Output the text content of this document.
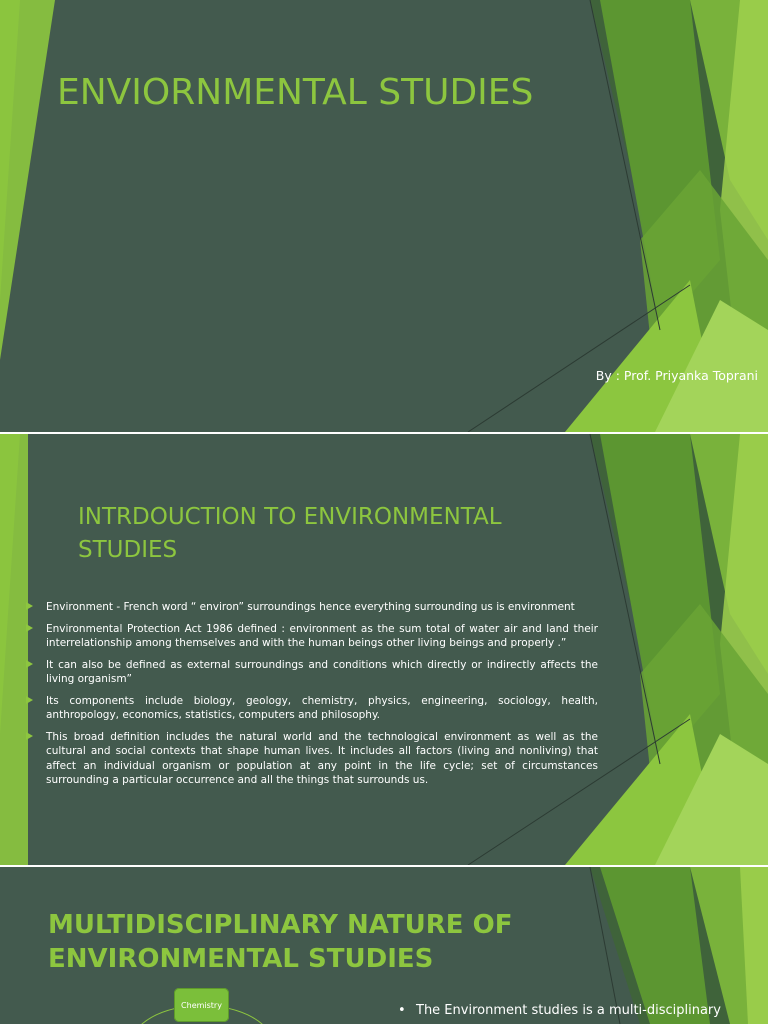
ENVIORNMENTAL STUDIES
By : Prof. Priyanka Toprani
INTRDOUCTION TO ENVIRONMENTAL STUDIES
Environment - French word “ environ” surroundings hence everything surrounding us is environment
Environmental Protection Act 1986 defined : environment as the sum total of water air and land their interrelationship among themselves and with the human beings other living beings and properly .”
It can also be defined as external surroundings and conditions which directly or indirectly affects the living organism”
Its components include biology, geology, chemistry, physics, engineering, sociology, health, anthropology, economics, statistics, computers and philosophy.
This broad definition includes the natural world and the technological environment as well as the cultural and social contexts that shape human lives. It includes all factors (living and nonliving) that affect an individual organism or population at any point in the life cycle; set of circumstances surrounding a particular occurrence and all the things that surrounds us.
MULTIDISCIPLINARY NATURE OF ENVIRONMENTAL STUDIES
Chemistry	• The Environment studies is a multi-disciplinary
